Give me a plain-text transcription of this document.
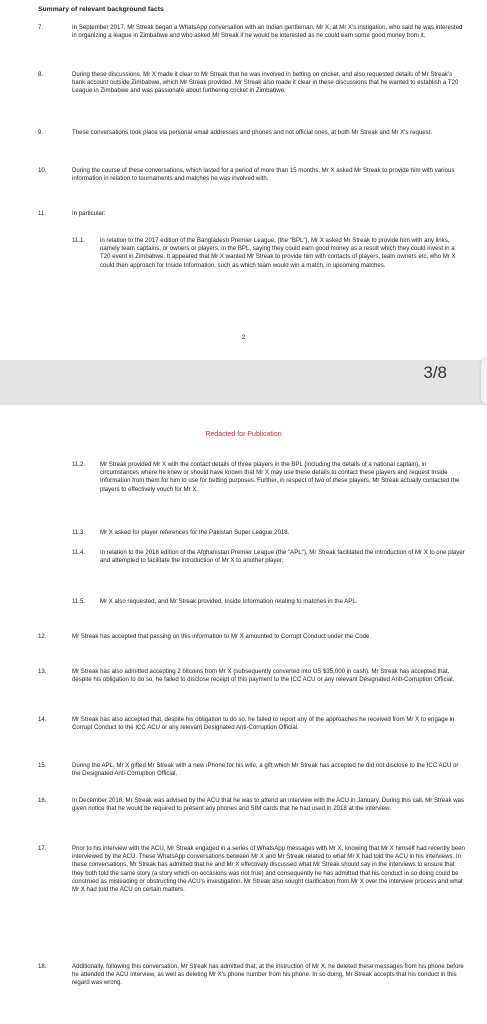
Summary of relevant background facts
7.	In September 2017, Mr Streak began a WhatsApp conversation with an Indian gentleman, Mr X, at Mr X's instigation, who said he was interested in organizing a league in Zimbabwe and who asked Mr Streak if he would be interested as he could earn some good money from it.
8.	During these discussions, Mr X made it clear to Mr Streak that he was involved in betting on cricket, and also requested details of Mr Streak's bank account outside Zimbabwe, which Mr Streak provided. Mr Streak also made it clear in these discussions that he wanted to establish a T20 League in Zimbabwe and was passionate about furthering cricket in Zimbabwe.
9.	These conversations took place via personal email addresses and phones and not official ones, at both Mr Streak and Mr X's request.
10.	During the course of these conversations, which lasted for a period of more than 15 months, Mr X asked Mr Streak to provide him with various information in relation to tournaments and matches he was involved with.
11.	In particular:
11.1.	in relation to the 2017 edition of the Bangladesh Premier League, (the "BPL"), Mr X asked Mr Streak to provide him with any links, namely team captains, or owners or players, in the BPL, saying they could earn good money as a result which they could invest in a T20 event in Zimbabwe. It appeared that Mr X wanted Mr Streak to provide him with contacts of players, team owners etc. who Mr X could then approach for Inside Information, such as which team would win a match, in upcoming matches.
2
3/8
Redacted for Publication
11.2.	Mr Streak provided Mr X with the contact details of three players in the BPL (including the details of a national captain), in circumstances where he knew or should have known that Mr X may use these details to contact these players and request Inside Information from them for him to use for betting purposes. Further, in respect of two of these players, Mr Streak actually contacted the players to effectively vouch for Mr X.
11.3.	Mr X asked for player references for the Pakistan Super League 2018.
11.4.	In relation to the 2018 edition of the Afghanistan Premier League (the "APL"), Mr Streak facilitated the introduction of Mr X to one player and attempted to facilitate the introduction of Mr X to another player.
11.5.	Mr X also requested, and Mr Streak provided, Inside Information relating to matches in the APL.
12.	Mr Streak has accepted that passing on this information to Mr X amounted to Corrupt Conduct under the Code.
13.	Mr Streak has also admitted accepting 2 bitcoins from Mr X (subsequently converted into US $35,000 in cash). Mr Streak has accepted that, despite his obligation to do so, he failed to disclose receipt of this payment to the ICC ACU or any relevant Designated Anti-Corruption Official.
14.	Mr Streak has also accepted that, despite his obligation to do so, he failed to report any of the approaches he received from Mr X to engage in Corrupt Conduct to the ICC ACU or any relevant Designated Anti-Corruption Official.
15.	During the APL, Mr X gifted Mr Streak with a new iPhone for his wife, a gift which Mr Streak has accepted he did not disclose to the ICC ACU or the Designated Anti-Corruption Official.
16.	In December 2018, Mr Streak was advised by the ACU that he was to attend an interview with the ACU in January. During this call, Mr Streak was given notice that he would be required to present any phones and SIM cards that he had used in 2018 at the interview.
17.	Prior to his interview with the ACU, Mr Streak engaged in a series of WhatsApp messages with Mr X, knowing that Mr X himself had recently been interviewed by the ACU. These WhatsApp conversations between Mr X and Mr Streak related to what Mr X had told the ACU in his interviews. In these conversations, Mr Streak has admitted that he and Mr X effectively discussed what Mr Streak should say in the interviews to ensure that they both told the same story (a story which on occasions was not true) and consequently he has admitted that his conduct in so doing could be construed as misleading or obstructing the ACU's investigation. Mr Streak also sought clarification from Mr X over the interview process and what Mr X had told the ACU on certain matters.
18.	Additionally, following this conversation, Mr Streak has admitted that, at the instruction of Mr X, he deleted these messages from his phone before he attended the ACU interview, as well as deleting Mr X's phone number from his phone. In so doing, Mr Streak accepts that his conduct in this regard was wrong.
